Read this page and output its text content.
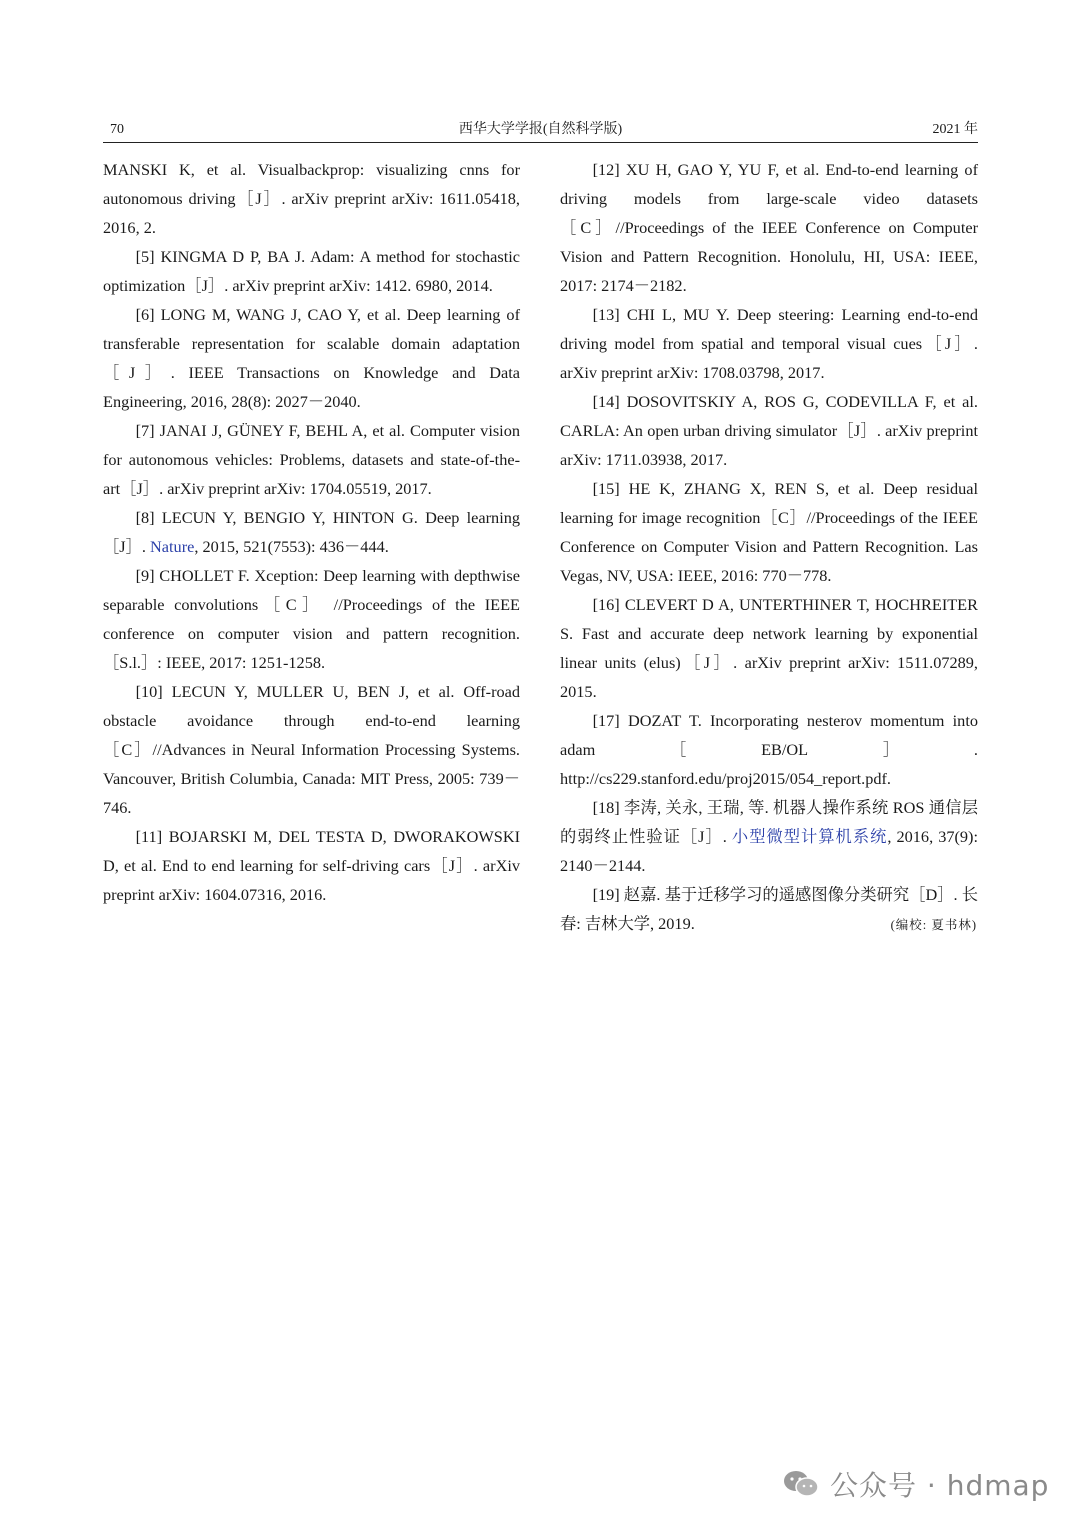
70	西华大学学报(自然科学版)	2021 年

MANSKI K, et al. Visualbackprop: visualizing cnns for autonomous driving［J］. arXiv preprint arXiv: 1611.05418, 2016, 2.

[5] KINGMA D P, BA J. Adam: A method for stochastic optimization［J］. arXiv preprint arXiv: 1412. 6980, 2014.

[6] LONG M, WANG J, CAO Y, et al. Deep learning of transferable representation for scalable domain adaptation［J］. IEEE Transactions on Knowledge and Data Engineering, 2016, 28(8): 2027－2040.

[7] JANAI J, GÜNEY F, BEHL A, et al. Computer vision for autonomous vehicles: Problems, datasets and state-of-the-art［J］. arXiv preprint arXiv: 1704.05519, 2017.

[8] LECUN Y, BENGIO Y, HINTON G. Deep learning［J］. Nature, 2015, 521(7553): 436－444.

[9] CHOLLET F. Xception: Deep learning with depthwise separable convolutions［C］ //Proceedings of the IEEE conference on computer vision and pattern recognition.［S.l.］: IEEE, 2017: 1251-1258.

[10] LECUN Y, MULLER U, BEN J, et al. Off-road obstacle avoidance through end-to-end learning［C］//Advances in Neural Information Processing Systems. Vancouver, British Columbia, Canada: MIT Press, 2005: 739－746.

[11] BOJARSKI M, DEL TESTA D, DWORAKOWSKI D, et al. End to end learning for self-driving cars［J］. arXiv preprint arXiv: 1604.07316, 2016.

[12] XU H, GAO Y, YU F, et al. End-to-end learning of driving models from large-scale video datasets［C］//Proceedings of the IEEE Conference on Computer Vision and Pattern Recognition. Honolulu, HI, USA: IEEE, 2017: 2174－2182.

[13] CHI L, MU Y. Deep steering: Learning end-to-end driving model from spatial and temporal visual cues［J］. arXiv preprint arXiv: 1708.03798, 2017.

[14] DOSOVITSKIY A, ROS G, CODEVILLA F, et al. CARLA: An open urban driving simulator［J］. arXiv preprint arXiv: 1711.03938, 2017.

[15] HE K, ZHANG X, REN S, et al. Deep residual learning for image recognition［C］//Proceedings of the IEEE Conference on Computer Vision and Pattern Recognition. Las Vegas, NV, USA: IEEE, 2016: 770－778.

[16] CLEVERT D A, UNTERTHINER T, HOCHREITER S. Fast and accurate deep network learning by exponential linear units (elus)［J］. arXiv preprint arXiv: 1511.07289, 2015.

[17] DOZAT T. Incorporating nesterov momentum into adam［EB/OL］. http://cs229.stanford.edu/proj2015/054_report.pdf.

[18] 李涛, 关永, 王瑞, 等. 机器人操作系统 ROS 通信层的弱终止性验证［J］. 小型微型计算机系统, 2016, 37(9): 2140－2144.

[19] 赵嘉. 基于迁移学习的遥感图像分类研究［D］. 长春: 吉林大学, 2019.	(编校: 夏书林)
公众号 · hdmap
